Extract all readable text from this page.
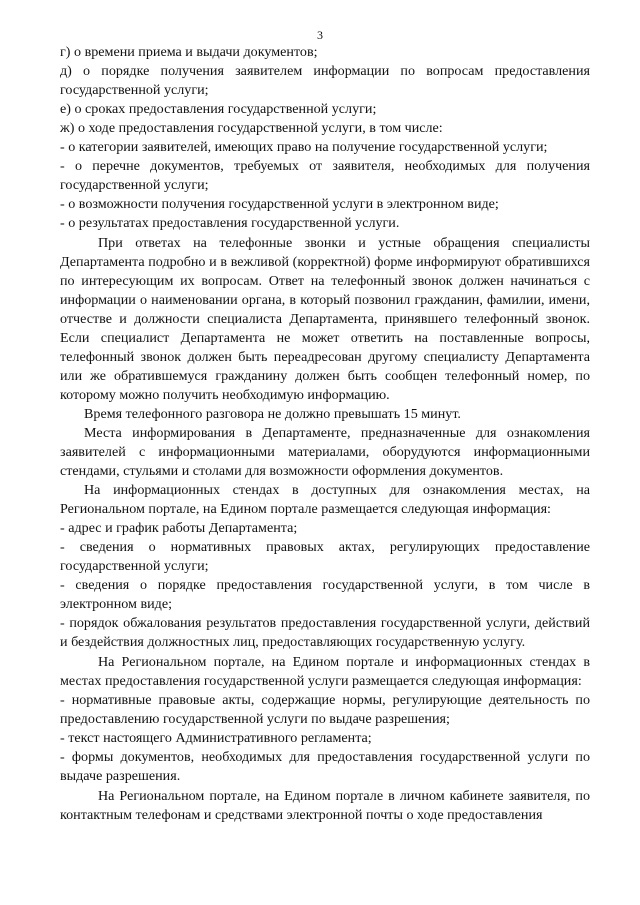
3

г) о времени приема и выдачи документов;

д) о порядке получения заявителем информации по вопросам предоставления государственной услуги;

е) о сроках предоставления государственной услуги;

ж) о ходе предоставления государственной услуги, в том числе:

- о категории заявителей, имеющих право на получение государственной услуги;

- о перечне документов, требуемых от заявителя, необходимых для получения государственной услуги;

- о возможности получения государственной услуги в электронном виде;

- о результатах предоставления государственной услуги.

При ответах на телефонные звонки и устные обращения специалисты Департамента подробно и в вежливой (корректной) форме информируют обратившихся по интересующим их вопросам. Ответ на телефонный звонок должен начинаться с информации о наименовании органа, в который позвонил гражданин, фамилии, имени, отчестве и должности специалиста Департамента, принявшего телефонный звонок. Если специалист Департамента не может ответить на поставленные вопросы, телефонный звонок должен быть переадресован другому специалисту Департамента или же обратившемуся гражданину должен быть сообщен телефонный номер, по которому можно получить необходимую информацию.

Время телефонного разговора не должно превышать 15 минут.

Места информирования в Департаменте, предназначенные для ознакомления заявителей с информационными материалами, оборудуются информационными стендами, стульями и столами для возможности оформления документов.

На информационных стендах в доступных для ознакомления местах, на Региональном портале, на Едином портале размещается следующая информация:

- адрес и график работы Департамента;

- сведения о нормативных правовых актах, регулирующих предоставление государственной услуги;

- сведения о порядке предоставления государственной услуги, в том числе в электронном виде;

- порядок обжалования результатов предоставления государственной услуги, действий и бездействия должностных лиц, предоставляющих государственную услугу.

На Региональном портале, на Едином портале и информационных стендах в местах предоставления государственной услуги размещается следующая информация:

- нормативные правовые акты, содержащие нормы, регулирующие деятельность по предоставлению государственной услуги по выдаче разрешения;

- текст настоящего Административного регламента;

- формы документов, необходимых для предоставления государственной услуги по выдаче разрешения.

На Региональном портале, на Едином портале в личном кабинете заявителя, по контактным телефонам и средствами электронной почты о ходе предоставления
